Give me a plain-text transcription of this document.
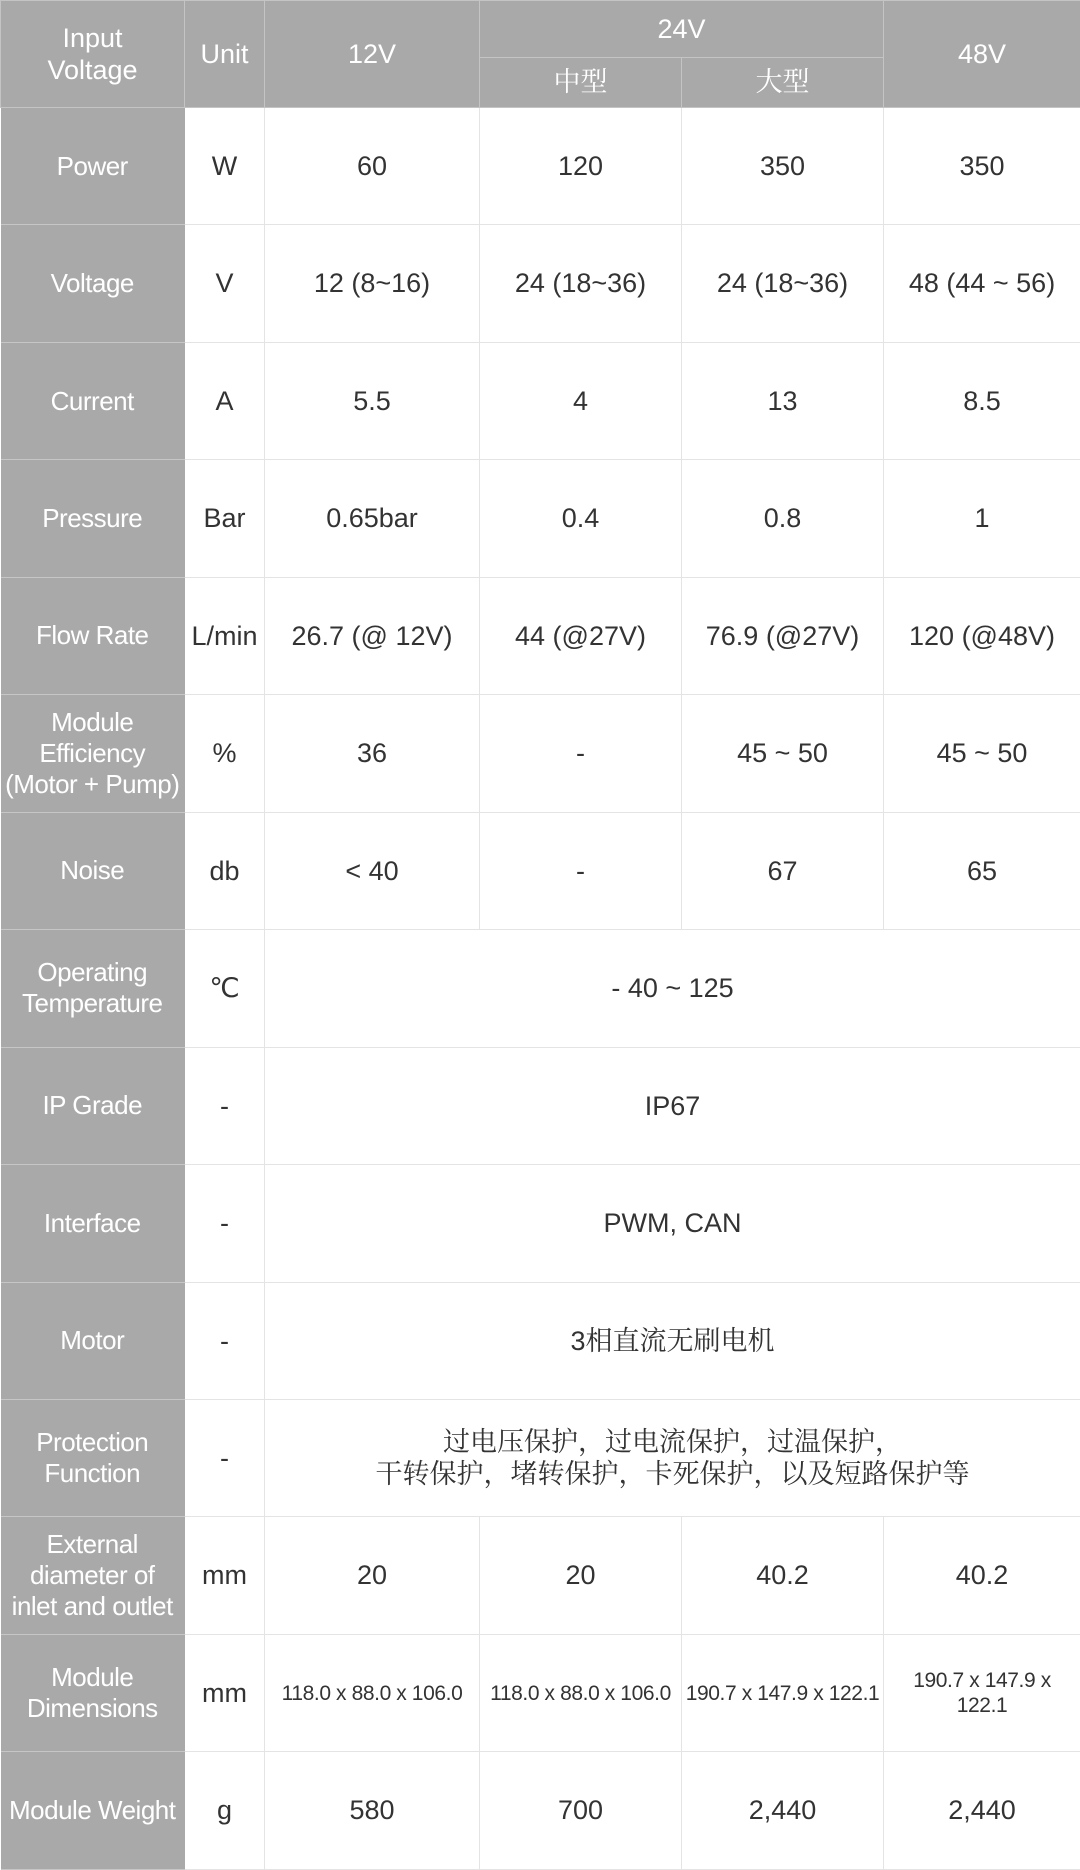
Input
Voltage	Unit	12V	24V		48V
			中型	大型	

Power	W	60	120	350	350

Voltage	V	12 (8~16)	24 (18~36)	24 (18~36)	48 (44 ~ 56)

Current	A	5.5	4	13	8.5

Pressure	Bar	0.65bar	0.4	0.8	1

Flow Rate	L/min	26.7 (@ 12V)	44 (@27V)	76.9 (@27V)	120 (@48V)

Module
Efficiency
(Motor + Pump)	%	36	-	45 ~ 50	45 ~ 50

Noise	db	< 40	-	67	65

Operating
Temperature	℃	- 40 ~ 125			

IP Grade	-	IP67			

Interface	-	PWM, CAN			

Motor	-	3相直流无刷电机			

Protection
Function	-	过电压保护，过电流保护，过温保护，
干转保护，堵转保护，卡死保护，以及短路保护等			

External
diameter of
inlet and outlet	mm	20	20	40.2	40.2

Module
Dimensions	mm	118.0 x 88.0 x 106.0	118.0 x 88.0 x 106.0	190.7 x 147.9 x 122.1	190.7 x 147.9 x 122.1

Module Weight	g	580	700	2,440	2,440
